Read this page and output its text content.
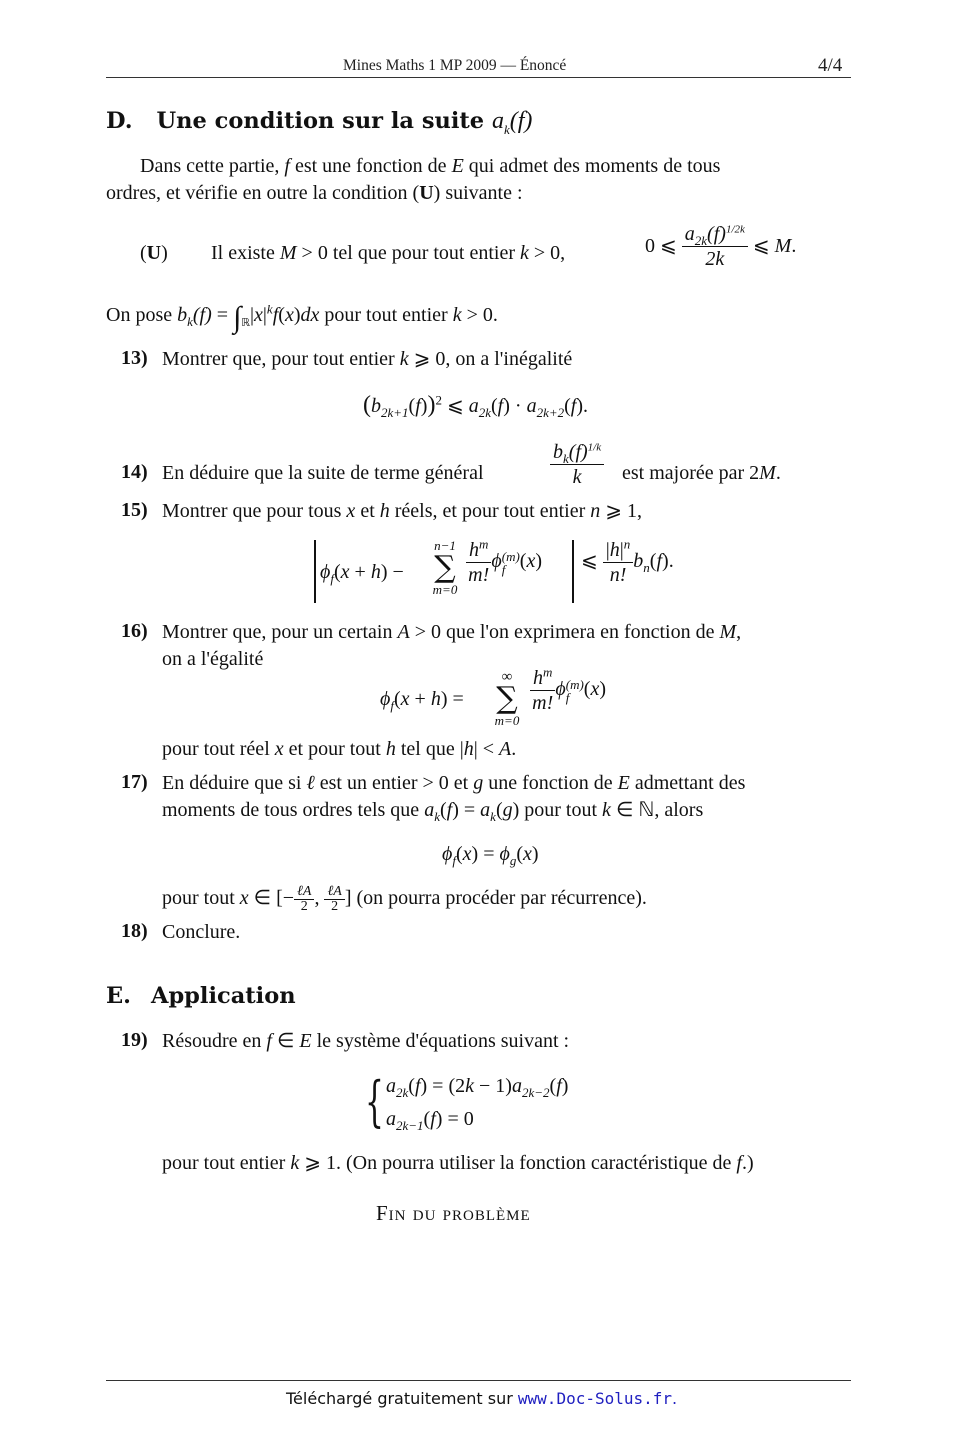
Mines Maths 1 MP 2009 — Énoncé	4/4
D. Une condition sur la suite $a_k(f)$
Dans cette partie, f est une fonction de E qui admet des moments de tous
ordres, et vérifie en outre la condition (U) suivante :
(U) Il existe M > 0 tel que pour tout entier k > 0,	0 ⩽ $\frac{a_{2k}(f)^{1/2k}}{2k}$ ⩽ M.
On pose $b_k(f) = \int_ℝ|x|^kf(x)dx$ pour tout entier k > 0.
13) Montrer que, pour tout entier k ⩾ 0, on a l'inégalité
$(b_{2k+1}(f))^2$ ⩽ $a_{2k}(f) \cdot a_{2k+2}(f)$.
14) En déduire que la suite de terme général	$\frac{b_k(f)^{1/k}}{k}$ est majorée par 2M.
15) Montrer que pour tous x et h réels, et pour tout entier n ⩾ 1,
$\phi_f(x + h)$ −
n−1
∑
m=0
$\frac{h^m}{m!}$ ϕ (m)
f (x) ⩽ $\frac{|h|^n}{n!} b_n(f)$.
16) Montrer que, pour un certain A > 0 que l'on exprimera en fonction de M,
on a l'égalité
$\phi_f(x + h)$ =
∞
∑
m=0
$\frac{h^m}{m!}$ ϕ (m)
f (x)
pour tout réel x et pour tout h tel que |h| < A.
17) En déduire que si ℓ est un entier > 0 et g une fonction de E admettant des
moments de tous ordres tels que $a_k(f) = a_k(g)$ pour tout k ∈ ℕ, alors
$\phi_f(x) = \phi_g(x)$
pour tout x ∈ [− $\frac{\text{ℓA}}{2}$ , $\frac{\text{ℓA}}{2}$ ] (on pourra procéder par récurrence).
18) Conclure.
E. Application
19) Résoudre en f ∈ E le système d'équations suivant :
{ $a_{2k}(f) = (2k - 1)a_{2k-2}(f)$
$a_{2k-1}(f) = 0$
pour tout entier k ⩾ 1. (On pourra utiliser la fonction caractéristique de f.)
Fin du problème
Téléchargé gratuitement sur www.Doc-Solus.fr.
